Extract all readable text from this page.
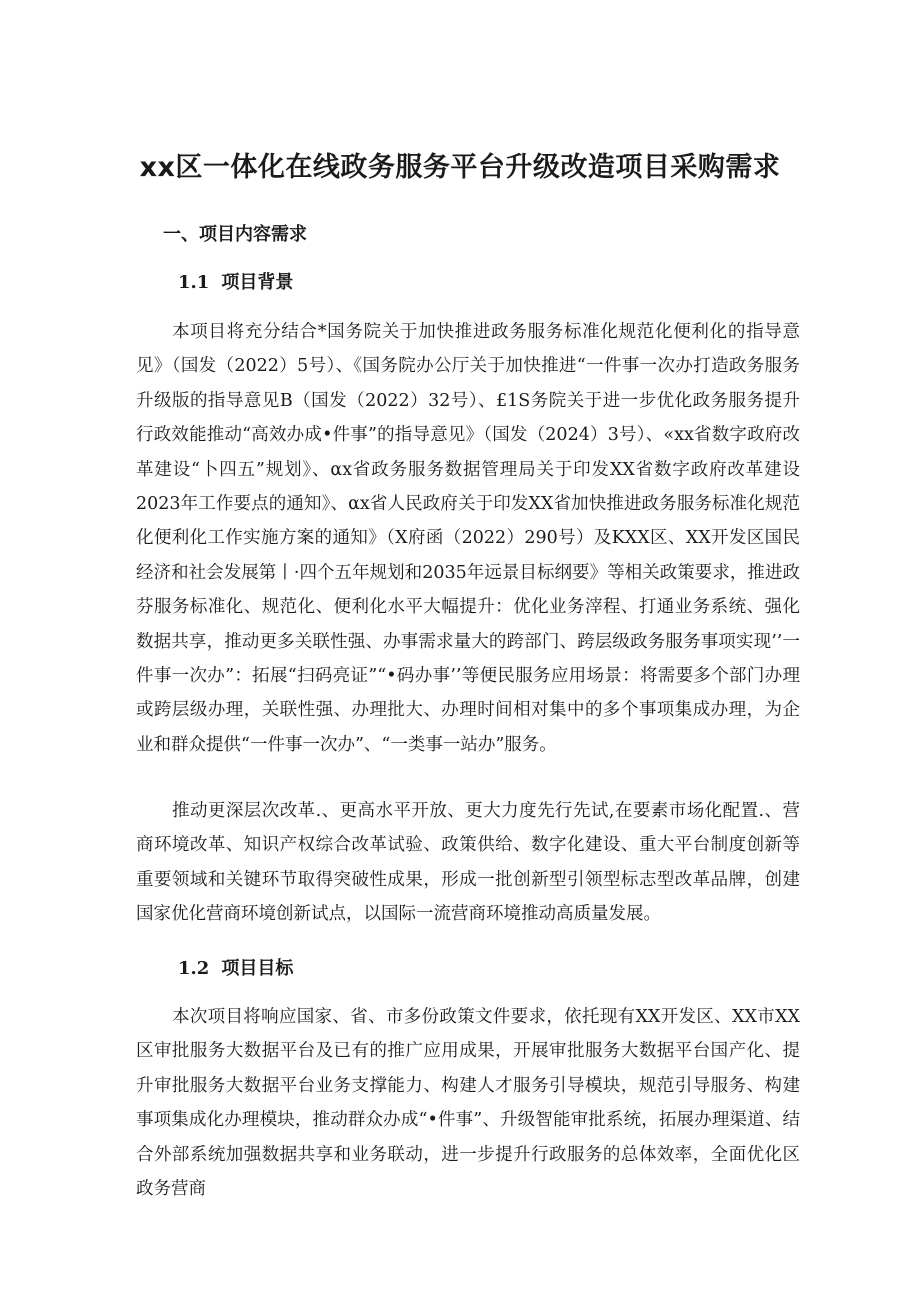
xx区一体化在线政务服务平台升级改造项目采购需求
一、项目内容需求
1.1 项目背景

本项目将充分结合*国务院关于加快推进政务服务标准化规范化便利化的指导意见》（国发（2022）5号）、《国务院办公厅关于加快推进“一件事一次办打造政务服务升级版的指导意见B（国发（2022）32号）、£1S务院关于进一步优化政务服务提升行政效能推动“高效办成•件事”的指导意见》（国发（2024）3号）、«xx省数字政府改革建设“卜四五”规划》、αx省政务服务数据管理局关于印发XX省数字政府改革建设2023年工作要点的通知》、αx省人民政府关于印发XX省加快推进政务服务标准化规范化便利化工作实施方案的通知》（X府函（2022）290号）及KXX区、XX开发区国民经济和社会发展第丨·四个五年规划和2035年远景目标纲要》等相关政策要求，推进政芬服务标准化、规范化、便利化水平大幅提升：优化业务滓程、打通业务系统、强化数据共享，推动更多关联性强、办事需求量大的跨部门、跨层级政务服务事项实现’’一件事一次办”：拓展“扫码亮证”“•码办事’’等便民服务应用场景：将需要多个部门办理或跨层级办理，关联性强、办理批大、办理时间相对集中的多个事项集成办理，为企业和群众提供“一件事一次办”、“一类事一站办”服务。

推动更深层次改革.、更高水平开放、更大力度先行先试,在要素市场化配置.、营商环境改革、知识产权综合改革试验、政策供给、数字化建设、重大平台制度创新等重要领域和关键环节取得突破性成果，形成一批创新型引领型标志型改革品牌，创建国家优化营商环境创新试点，以国际一流营商环境推动高质量发展。

1.2 项目目标

本次项目将响应国家、省、市多份政策文件要求，依托现有XX开发区、XX市XX区审批服务大数据平台及已有的推广应用成果，开展审批服务大数据平台国产化、提升审批服务大数据平台业务支撑能力、构建人才服务引导模块，规范引导服务、构建事项集成化办理模块，推动群众办成“•件事”、升级智能审批系统，拓展办理渠道、结合外部系统加强数据共享和业务联动，进一步提升行政服务的总体效率，全面优化区政务营商
